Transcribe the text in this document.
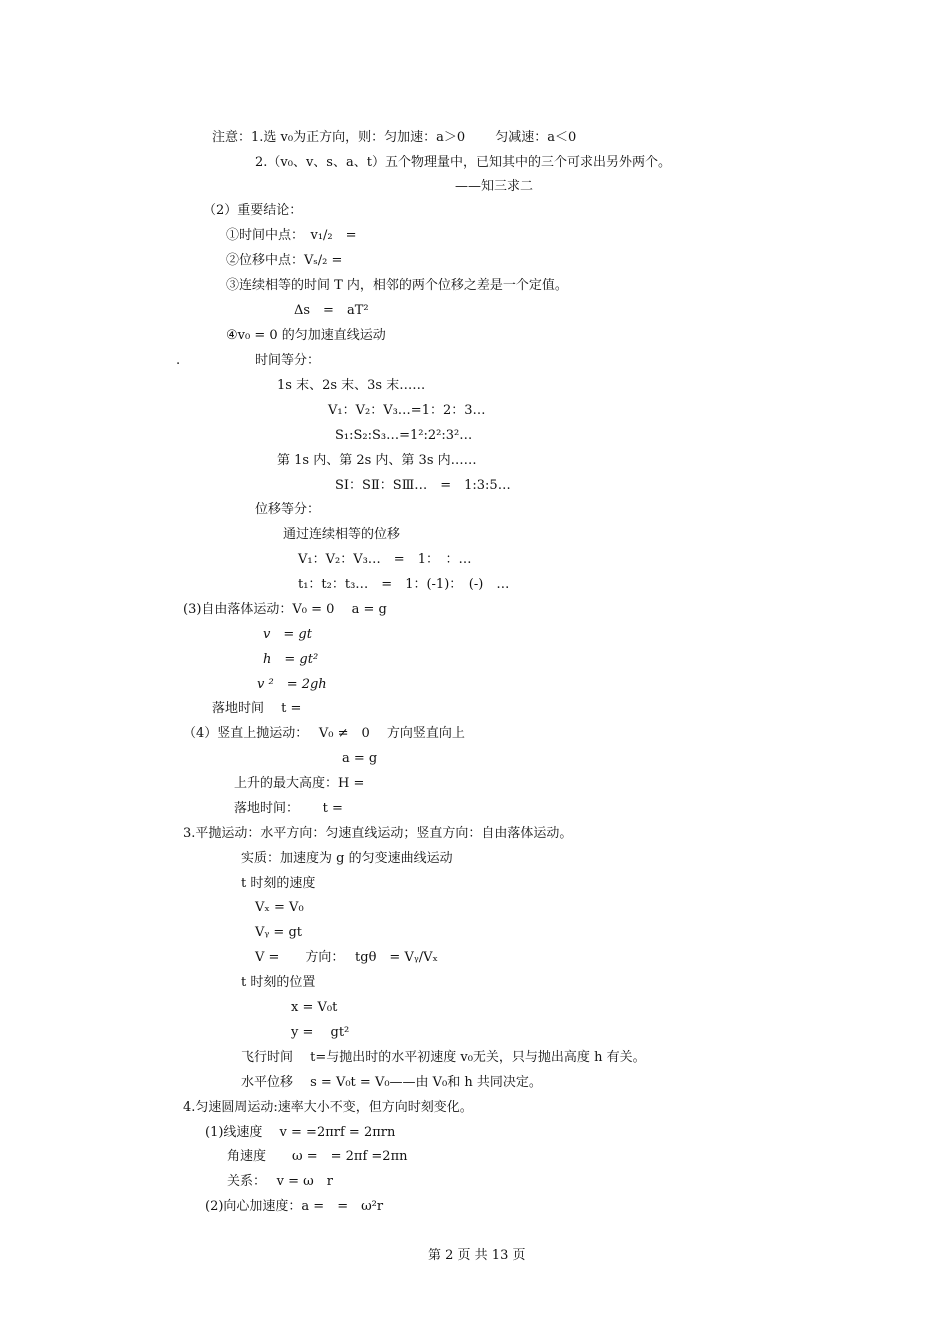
注意：1.选 v₀为正方向，则：匀加速：a＞0　　 匀减速：a＜0
2.（v₀、v、s、a、t）五个物理量中，已知其中的三个可求出另外两个。
——知三求二
（2）重要结论：
①时间中点：　v₁/₂　=
②位移中点：Vₛ/₂ =
③连续相等的时间 T 内，相邻的两个位移之差是一个定值。
Δs　=　aT²
④v₀ = 0 的匀加速直线运动
.	时间等分：
1s 末、2s 末、3s 末……
V₁：V₂：V₃…=1：2：3…
S₁:S₂:S₃…=1²:2²:3²…
第 1s 内、第 2s 内、第 3s 内……
SⅠ：SⅡ：SⅢ…　=　1:3:5…
位移等分：
通过连续相等的位移
V₁：V₂：V₃…　=　1：　：…
t₁：t₂：t₃…　=　1：(-1)：　(-)　…
(3)自由落体运动：V₀ = 0　 a = g
v　= gt
h　= gt²
v ²　= 2gh
落地时间　 t =
（4）竖直上抛运动：　 V₀ ≠　0　 方向竖直向上
a = g
上升的最大高度：H =
落地时间：　　 t =
3.平抛运动：水平方向：匀速直线运动；竖直方向：自由落体运动。
实质：加速度为 g 的匀变速曲线运动
t 时刻的速度
Vₓ = V₀
Vᵧ = gt
V =　　方向：　 tgθ　= Vᵧ/Vₓ
t 时刻的位置
x = V₀t
y =　 gt²
飞行时间　 t=与抛出时的水平初速度 v₀无关，只与抛出高度 h 有关。
水平位移　 s = V₀t = V₀——由 V₀和 h 共同决定。
4.匀速圆周运动:速率大小不变，但方向时刻变化。
(1)线速度　 v = =2πrf = 2πrn
角速度　　ω =　= 2πf =2πn
关系：　 v = ω　r
(2)向心加速度：a =　=　ω²r
第 2 页 共 13 页
